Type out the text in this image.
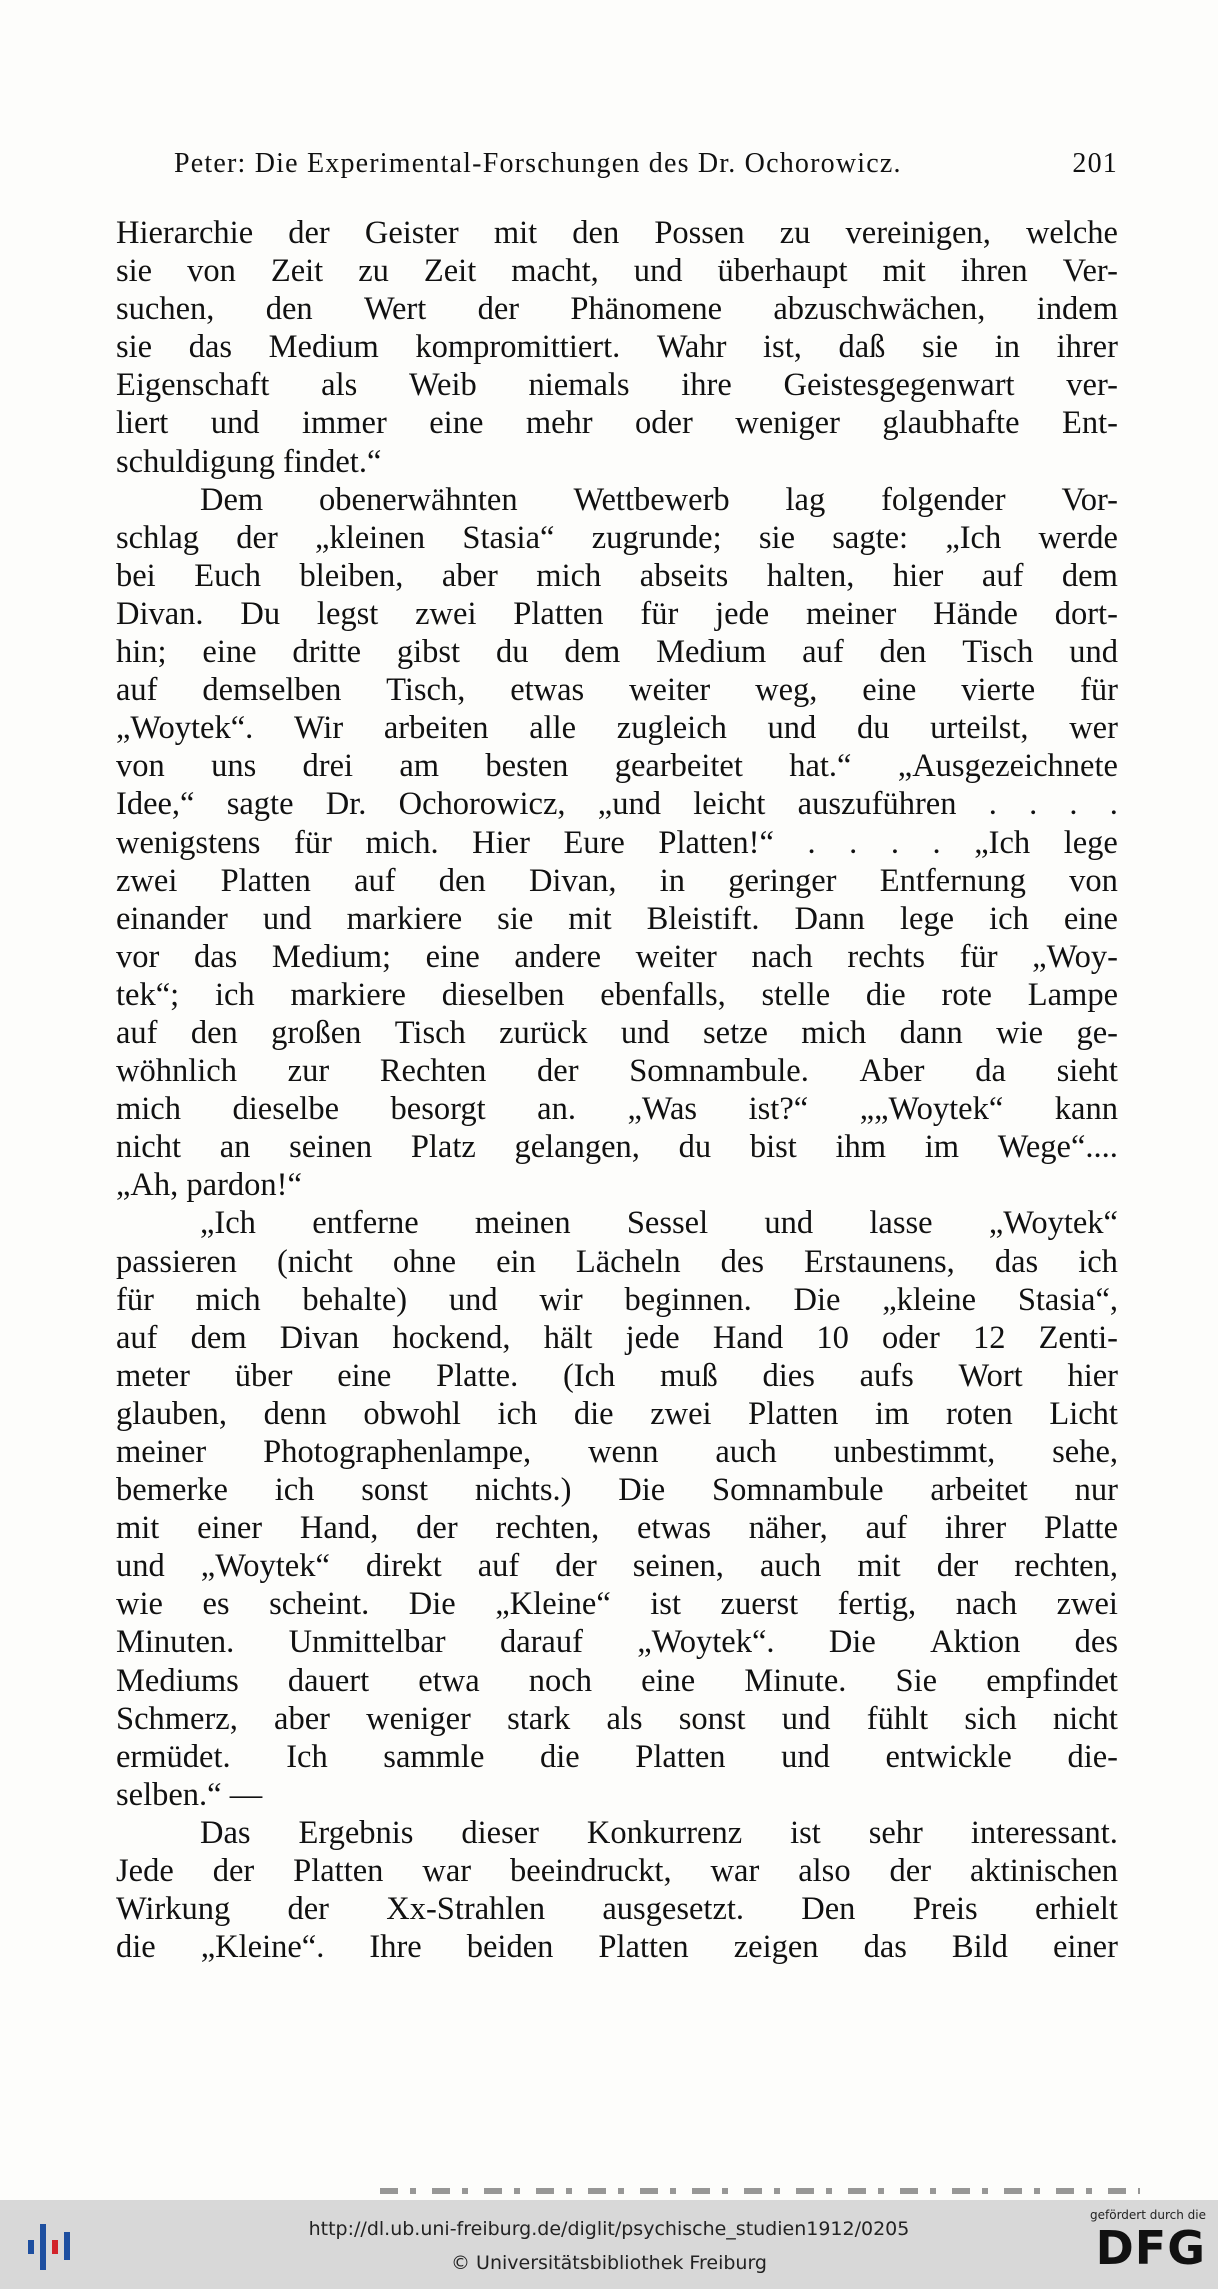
Peter: Die Experimental-Forschungen des Dr. Ochorowicz.	201
Hierarchie der Geister mit den Possen zu vereinigen, welche
sie von Zeit zu Zeit macht, und überhaupt mit ihren Ver-
suchen, den Wert der Phänomene abzuschwächen, indem
sie das Medium kompromittiert. Wahr ist, daß sie in ihrer
Eigenschaft als Weib niemals ihre Geistesgegenwart ver-
liert und immer eine mehr oder weniger glaubhafte Ent-
schuldigung findet.“
Dem obenerwähnten Wettbewerb lag folgender Vor-
schlag der „kleinen Stasia“ zugrunde; sie sagte: „Ich werde
bei Euch bleiben, aber mich abseits halten, hier auf dem
Divan. Du legst zwei Platten für jede meiner Hände dort-
hin; eine dritte gibst du dem Medium auf den Tisch und
auf demselben Tisch, etwas weiter weg, eine vierte für
„Woytek“. Wir arbeiten alle zugleich und du urteilst, wer
von uns drei am besten gearbeitet hat.“ „Ausgezeichnete
Idee,“ sagte Dr. Ochorowicz, „und leicht auszuführen . . . .
wenigstens für mich. Hier Eure Platten!“ . . . . „Ich lege
zwei Platten auf den Divan, in geringer Entfernung von
einander und markiere sie mit Bleistift. Dann lege ich eine
vor das Medium; eine andere weiter nach rechts für „Woy-
tek“; ich markiere dieselben ebenfalls, stelle die rote Lampe
auf den großen Tisch zurück und setze mich dann wie ge-
wöhnlich zur Rechten der Somnambule. Aber da sieht
mich dieselbe besorgt an. „Was ist?“ „„Woytek“ kann
nicht an seinen Platz gelangen, du bist ihm im Wege“....
„Ah, pardon!“
„Ich entferne meinen Sessel und lasse „Woytek“
passieren (nicht ohne ein Lächeln des Erstaunens, das ich
für mich behalte) und wir beginnen. Die „kleine Stasia“,
auf dem Divan hockend, hält jede Hand 10 oder 12 Zenti-
meter über eine Platte. (Ich muß dies aufs Wort hier
glauben, denn obwohl ich die zwei Platten im roten Licht
meiner Photographenlampe, wenn auch unbestimmt, sehe,
bemerke ich sonst nichts.) Die Somnambule arbeitet nur
mit einer Hand, der rechten, etwas näher, auf ihrer Platte
und „Woytek“ direkt auf der seinen, auch mit der rechten,
wie es scheint. Die „Kleine“ ist zuerst fertig, nach zwei
Minuten. Unmittelbar darauf „Woytek“. Die Aktion des
Mediums dauert etwa noch eine Minute. Sie empfindet
Schmerz, aber weniger stark als sonst und fühlt sich nicht
ermüdet. Ich sammle die Platten und entwickle die-
selben.“ —
Das Ergebnis dieser Konkurrenz ist sehr interessant.
Jede der Platten war beeindruckt, war also der aktinischen
Wirkung der Xx-Strahlen ausgesetzt. Den Preis erhielt
die „Kleine“. Ihre beiden Platten zeigen das Bild einer
http://dl.ub.uni-freiburg.de/diglit/psychische_studien1912/0205
© Universitätsbibliothek Freiburg
gefördert durch die
DFG
